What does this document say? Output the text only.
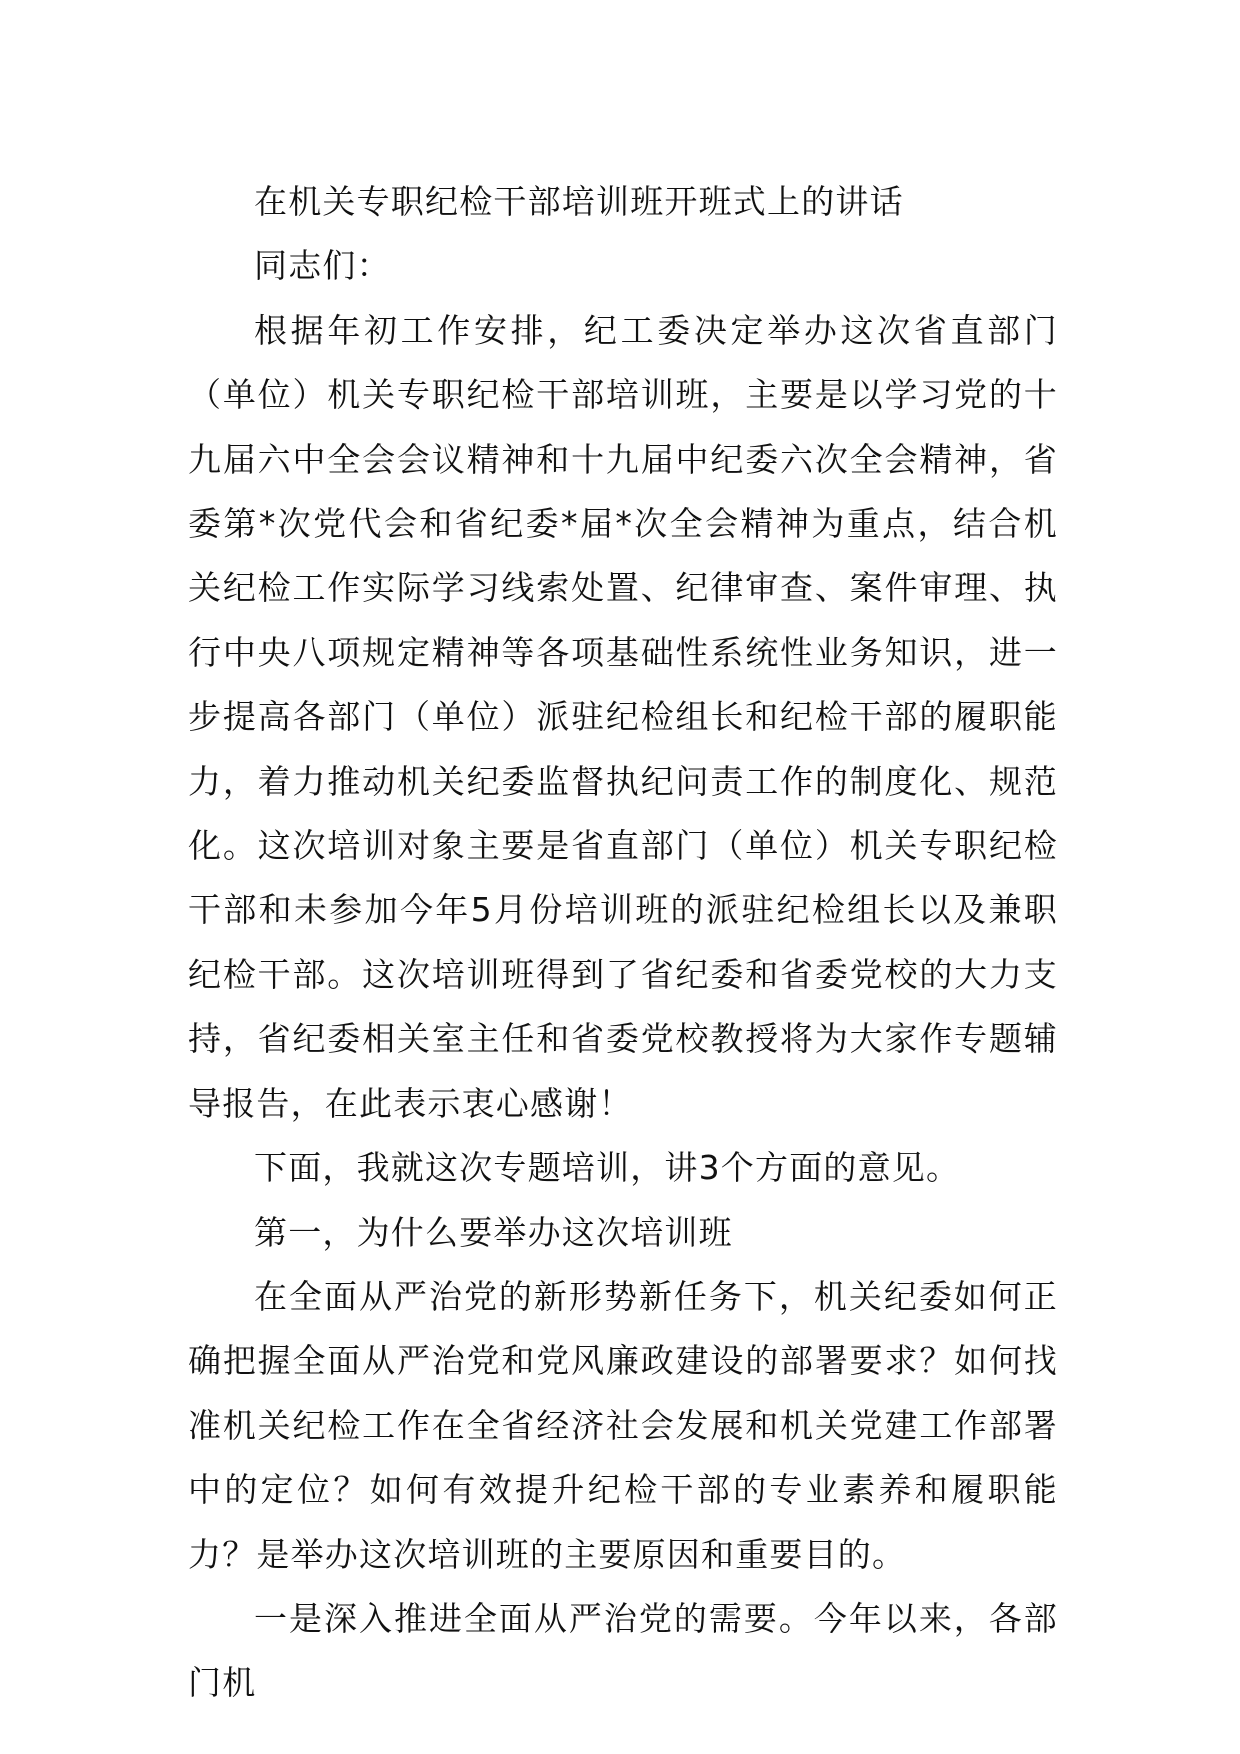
在机关专职纪检干部培训班开班式上的讲话

同志们：

根据年初工作安排，纪工委决定举办这次省直部门（单位）机关专职纪检干部培训班，主要是以学习党的十九届六中全会会议精神和十九届中纪委六次全会精神，省委第*次党代会和省纪委*届*次全会精神为重点，结合机关纪检工作实际学习线索处置、纪律审查、案件审理、执行中央八项规定精神等各项基础性系统性业务知识，进一步提高各部门（单位）派驻纪检组长和纪检干部的履职能力，着力推动机关纪委监督执纪问责工作的制度化、规范化。这次培训对象主要是省直部门（单位）机关专职纪检干部和未参加今年5月份培训班的派驻纪检组长以及兼职纪检干部。这次培训班得到了省纪委和省委党校的大力支持，省纪委相关室主任和省委党校教授将为大家作专题辅导报告，在此表示衷心感谢！

下面，我就这次专题培训，讲3个方面的意见。

第一，为什么要举办这次培训班

在全面从严治党的新形势新任务下，机关纪委如何正确把握全面从严治党和党风廉政建设的部署要求？如何找准机关纪检工作在全省经济社会发展和机关党建工作部署中的定位？如何有效提升纪检干部的专业素养和履职能力？是举办这次培训班的主要原因和重要目的。

一是深入推进全面从严治党的需要。今年以来，各部门机
